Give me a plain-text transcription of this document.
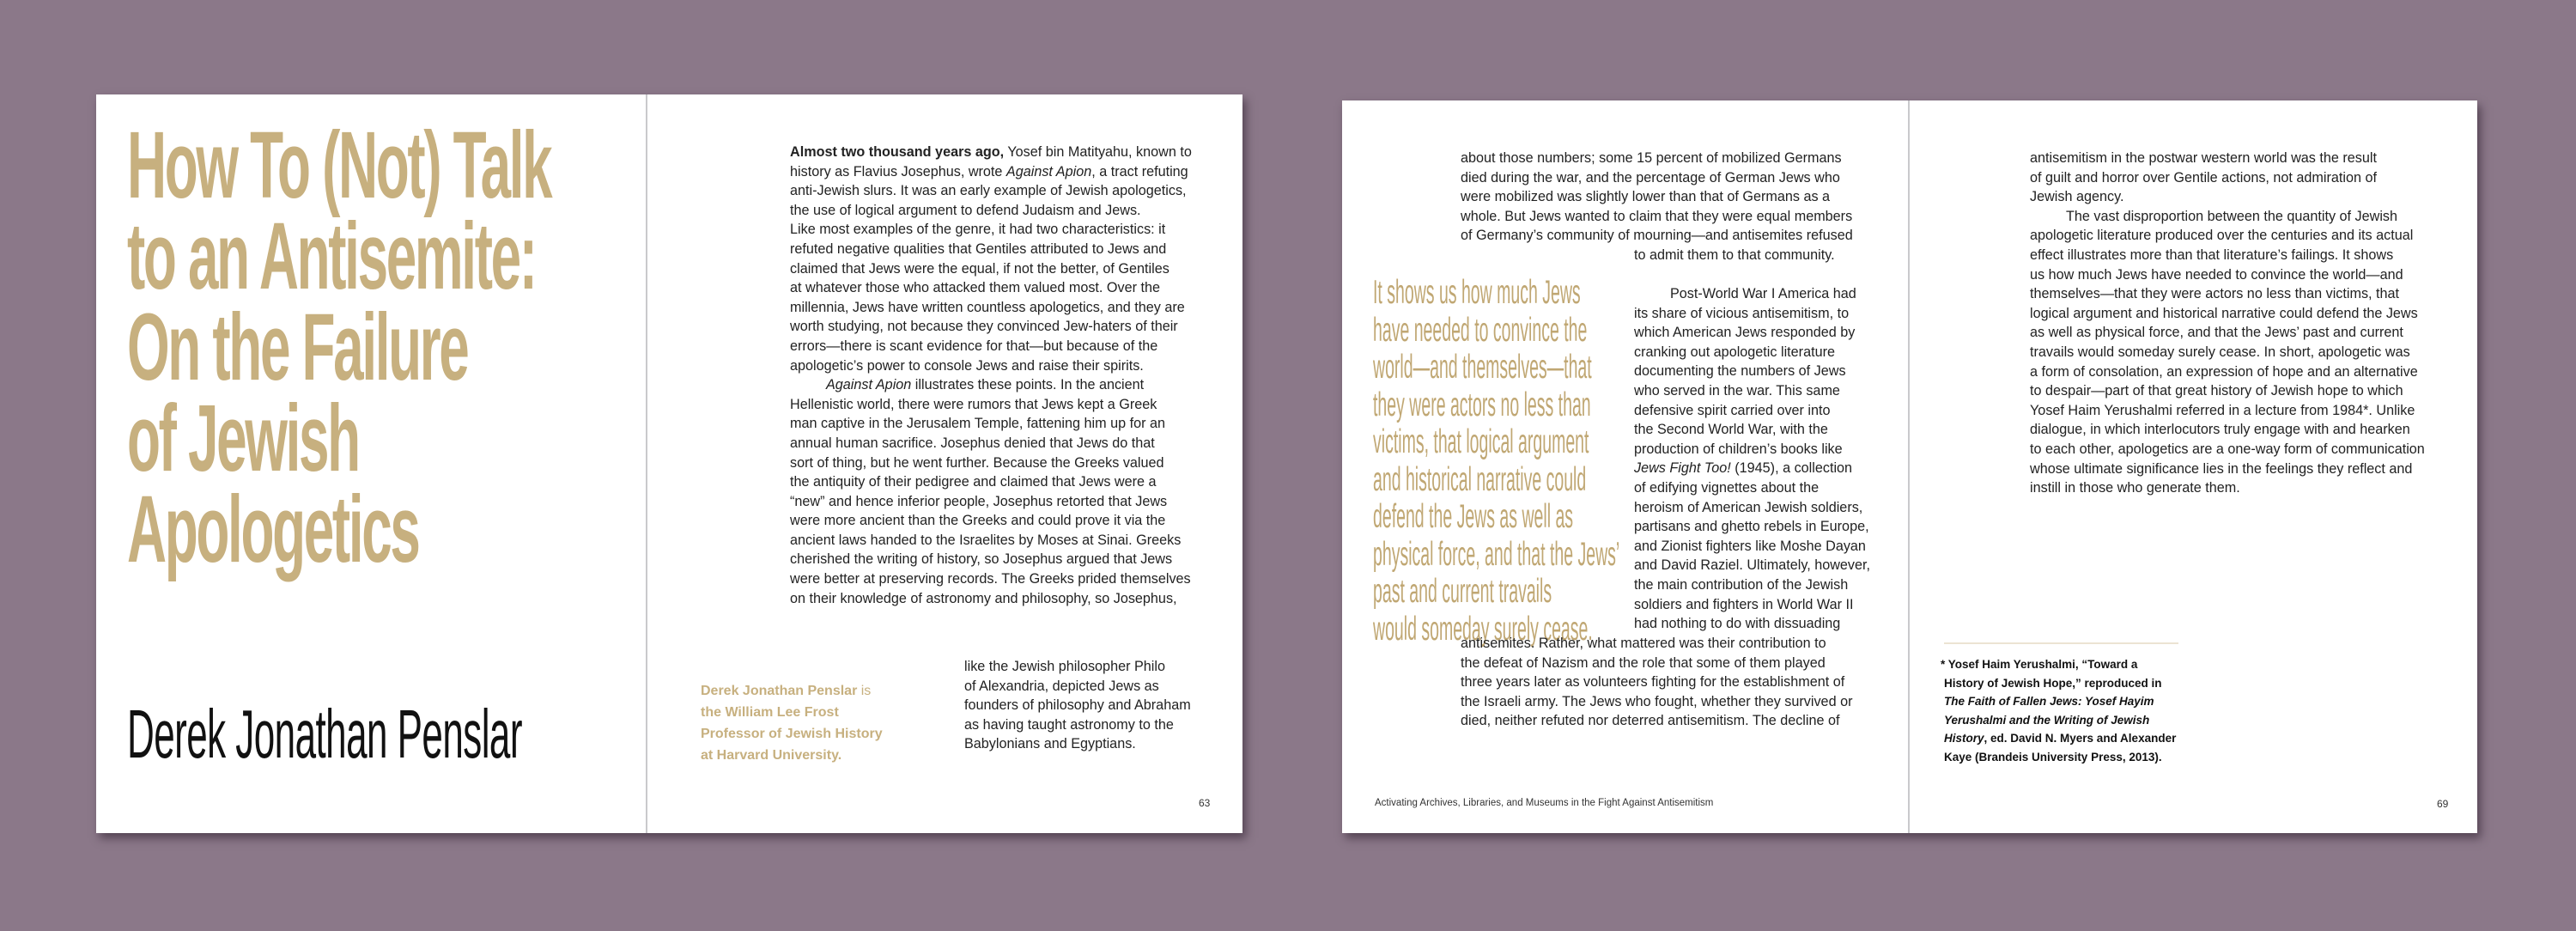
How To (Not) Talk
to an Antisemite:
On the Failure
of Jewish
Apologetics
Derek Jonathan Penslar
Almost two thousand years ago, Yosef bin Matityahu, known to
history as Flavius Josephus, wrote Against Apion, a tract refuting
anti-Jewish slurs. It was an early example of Jewish apologetics,
the use of logical argument to defend Judaism and Jews.
Like most examples of the genre, it had two characteristics: it
refuted negative qualities that Gentiles attributed to Jews and
claimed that Jews were the equal, if not the better, of Gentiles
at whatever those who attacked them valued most. Over the
millennia, Jews have written countless apologetics, and they are
worth studying, not because they convinced Jew-haters of their
errors—there is scant evidence for that—but because of the
apologetic’s power to console Jews and raise their spirits.
Against Apion illustrates these points. In the ancient
Hellenistic world, there were rumors that Jews kept a Greek
man captive in the Jerusalem Temple, fattening him up for an
annual human sacrifice. Josephus denied that Jews do that
sort of thing, but he went further. Because the Greeks valued
the antiquity of their pedigree and claimed that Jews were a
“new” and hence inferior people, Josephus retorted that Jews
were more ancient than the Greeks and could prove it via the
ancient laws handed to the Israelites by Moses at Sinai. Greeks
cherished the writing of history, so Josephus argued that Jews
were better at preserving records. The Greeks prided themselves
on their knowledge of astronomy and philosophy, so Josephus,
like the Jewish philosopher Philo
of Alexandria, depicted Jews as
founders of philosophy and Abraham
as having taught astronomy to the
Babylonians and Egyptians.
Derek Jonathan Penslar is
the William Lee Frost
Professor of Jewish History
at Harvard University.
63
about those numbers; some 15 percent of mobilized Germans
died during the war, and the percentage of German Jews who
were mobilized was slightly lower than that of Germans as a
whole. But Jews wanted to claim that they were equal members
of Germany’s community of mourning—and antisemites refused
to admit them to that community.
It shows us how much Jews
have needed to convince the
world—and themselves—that
they were actors no less than
victims, that logical argument
and historical narrative could
defend the Jews as well as
physical force, and that the Jews’
past and current travails
would someday surely cease.
Post-World War I America had
its share of vicious antisemitism, to
which American Jews responded by
cranking out apologetic literature
documenting the numbers of Jews
who served in the war. This same
defensive spirit carried over into
the Second World War, with the
production of children’s books like
Jews Fight Too! (1945), a collection
of edifying vignettes about the
heroism of American Jewish soldiers,
partisans and ghetto rebels in Europe,
and Zionist fighters like Moshe Dayan
and David Raziel. Ultimately, however,
the main contribution of the Jewish
soldiers and fighters in World War II
had nothing to do with dissuading
antisemites. Rather, what mattered was their contribution to
the defeat of Nazism and the role that some of them played
three years later as volunteers fighting for the establishment of
the Israeli army. The Jews who fought, whether they survived or
died, neither refuted nor deterred antisemitism. The decline of
antisemitism in the postwar western world was the result
of guilt and horror over Gentile actions, not admiration of
Jewish agency.
The vast disproportion between the quantity of Jewish
apologetic literature produced over the centuries and its actual
effect illustrates more than that literature’s failings. It shows
us how much Jews have needed to convince the world—and
themselves—that they were actors no less than victims, that
logical argument and historical narrative could defend the Jews
as well as physical force, and that the Jews’ past and current
travails would someday surely cease. In short, apologetic was
a form of consolation, an expression of hope and an alternative
to despair—part of that great history of Jewish hope to which
Yosef Haim Yerushalmi referred in a lecture from 1984*. Unlike
dialogue, in which interlocutors truly engage with and hearken
to each other, apologetics are a one-way form of communication
whose ultimate significance lies in the feelings they reflect and
instill in those who generate them.
* Yosef Haim Yerushalmi, “Toward a
History of Jewish Hope,” reproduced in
The Faith of Fallen Jews: Yosef Hayim
Yerushalmi and the Writing of Jewish
History, ed. David N. Myers and Alexander
Kaye (Brandeis University Press, 2013).
Activating Archives, Libraries, and Museums in the Fight Against Antisemitism	69
